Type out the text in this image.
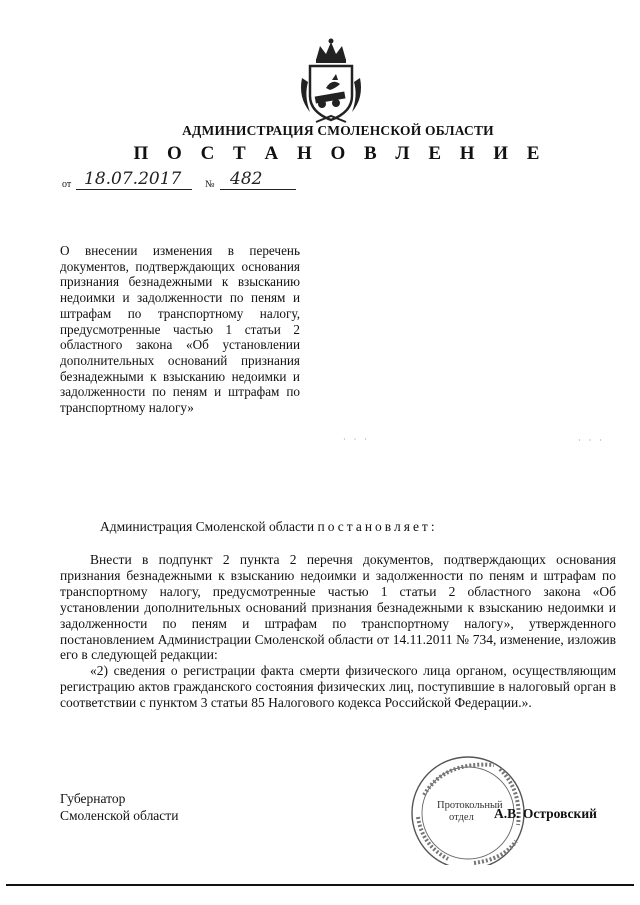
АДМИНИСТРАЦИЯ СМОЛЕНСКОЙ ОБЛАСТИ
П О С Т А Н О В Л Е Н И Е
от 18.07.2017 № 482
О внесении изменения в перечень документов, подтверждающих основания признания безнадежными к взысканию недоимки и задолженности по пеням и штрафам по транспортному налогу, предусмотренные частью 1 статьи 2 областного закона «Об установлении дополнительных оснований признания безнадежными к взысканию недоимки и задолженности по пеням и штрафам по транспортному налогу»
· · ·	· · ·
Администрация Смоленской области постановляет:

Внести в подпункт 2 пункта 2 перечня документов, подтверждающих основания признания безнадежными к взысканию недоимки и задолженности по пеням и штрафам по транспортному налогу, предусмотренные частью 1 статьи 2 областного закона «Об установлении дополнительных оснований признания безнадежными к взысканию недоимки и задолженности по пеням и штрафам по транспортному налогу», утвержденного постановлением Администрации Смоленской области от 14.11.2011 № 734, изменение, изложив его в следующей редакции:

«2) сведения о регистрации факта смерти физического лица органом, осуществляющим регистрацию актов гражданского состояния физических лиц, поступившие в налоговый орган в соответствии с пунктом 3 статьи 85 Налогового кодекса Российской Федерации.».

Протокольный
отдел
Губернатор
Смоленской области	А.В. Островский
